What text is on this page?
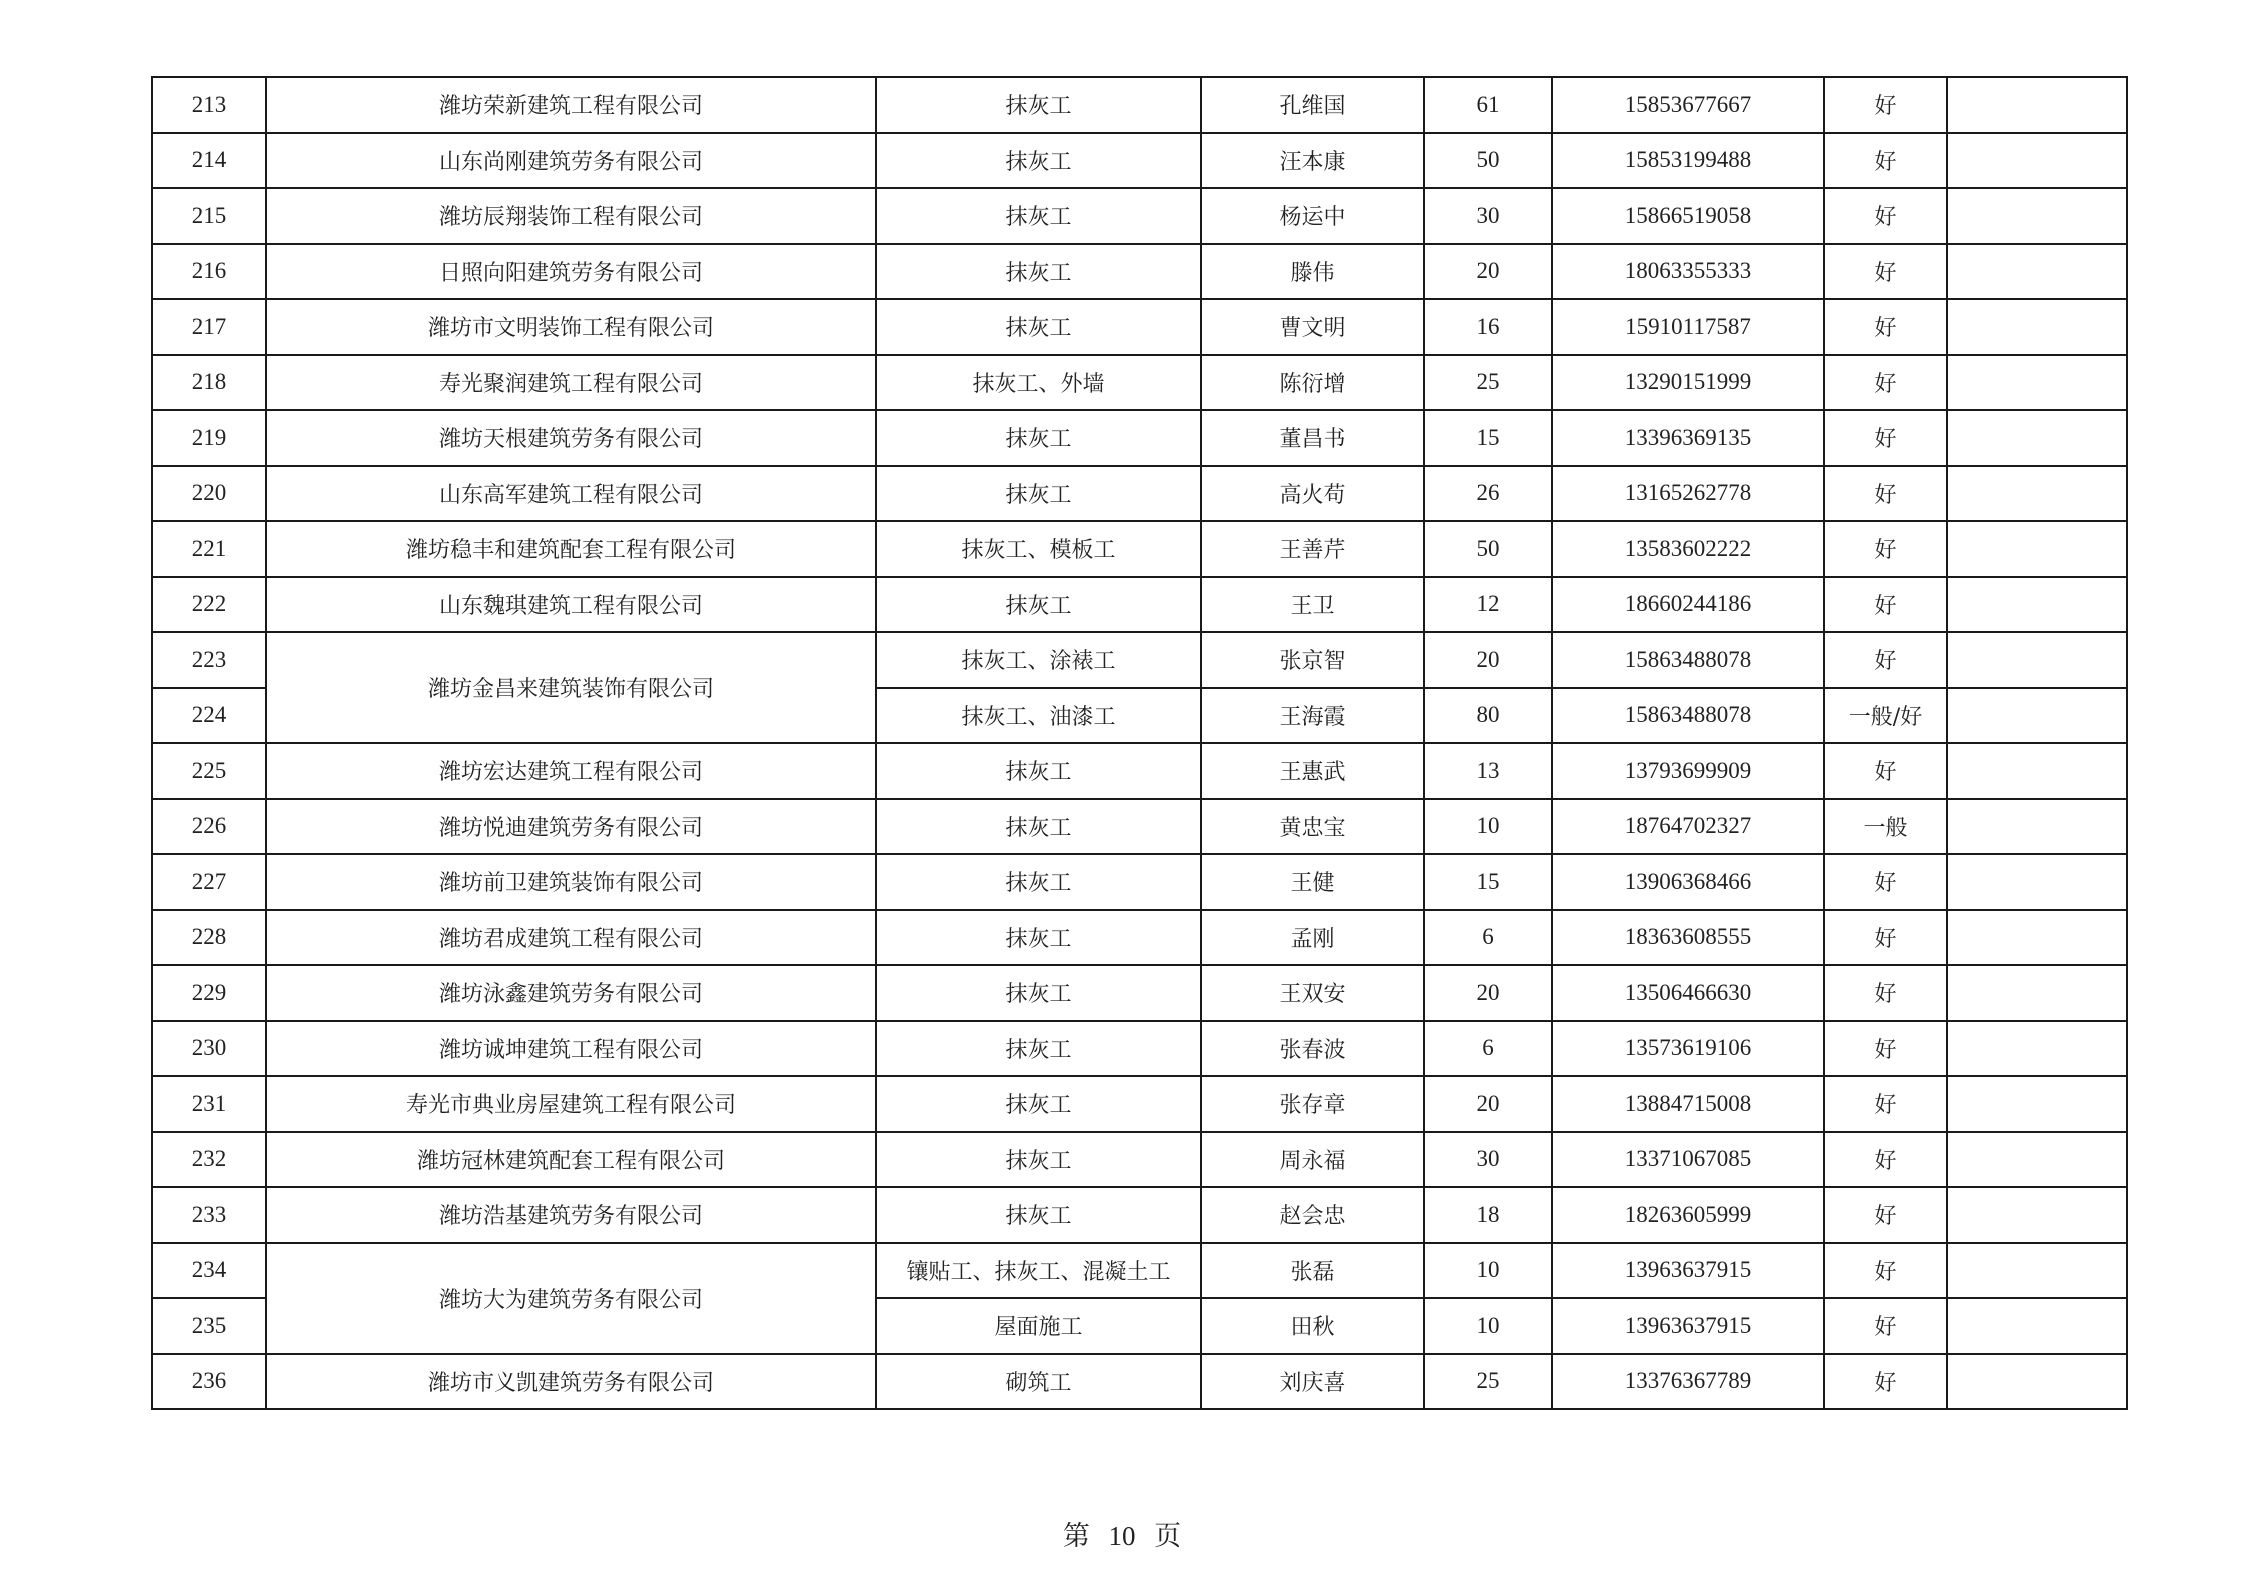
213	潍坊荣新建筑工程有限公司	抹灰工	孔维国	61	15853677667	好	
214	山东尚刚建筑劳务有限公司	抹灰工	汪本康	50	15853199488	好	
215	潍坊辰翔装饰工程有限公司	抹灰工	杨运中	30	15866519058	好	
216	日照向阳建筑劳务有限公司	抹灰工	滕伟	20	18063355333	好	
217	潍坊市文明装饰工程有限公司	抹灰工	曹文明	16	15910117587	好	
218	寿光聚润建筑工程有限公司	抹灰工、外墙	陈衍增	25	13290151999	好	
219	潍坊天根建筑劳务有限公司	抹灰工	董昌书	15	13396369135	好	
220	山东高军建筑工程有限公司	抹灰工	高火苟	26	13165262778	好	
221	潍坊稳丰和建筑配套工程有限公司	抹灰工、模板工	王善芹	50	13583602222	好	
222	山东魏琪建筑工程有限公司	抹灰工	王卫	12	18660244186	好	
223	潍坊金昌来建筑装饰有限公司	抹灰工、涂裱工	张京智	20	15863488078	好	
224		抹灰工、油漆工	王海霞	80	15863488078	一般/好	
225	潍坊宏达建筑工程有限公司	抹灰工	王惠武	13	13793699909	好	
226	潍坊悦迪建筑劳务有限公司	抹灰工	黄忠宝	10	18764702327	一般	
227	潍坊前卫建筑装饰有限公司	抹灰工	王健	15	13906368466	好	
228	潍坊君成建筑工程有限公司	抹灰工	孟刚	6	18363608555	好	
229	潍坊泳鑫建筑劳务有限公司	抹灰工	王双安	20	13506466630	好	
230	潍坊诚坤建筑工程有限公司	抹灰工	张春波	6	13573619106	好	
231	寿光市典业房屋建筑工程有限公司	抹灰工	张存章	20	13884715008	好	
232	潍坊冠林建筑配套工程有限公司	抹灰工	周永福	30	13371067085	好	
233	潍坊浩基建筑劳务有限公司	抹灰工	赵会忠	18	18263605999	好	
234	潍坊大为建筑劳务有限公司	镶贴工、抹灰工、混凝土工	张磊	10	13963637915	好	
235		屋面施工	田秋	10	13963637915	好	
236	潍坊市义凯建筑劳务有限公司	砌筑工	刘庆喜	25	13376367789	好	
第 10 页
